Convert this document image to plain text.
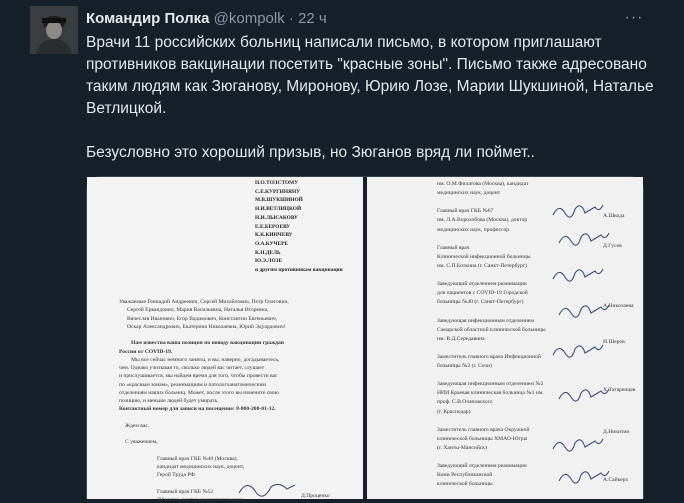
Командир Полка @kompolk · 22 ч	···

Врачи 11 российских больниц написали письмо, в котором приглашают противников вакцинации посетить "красные зоны". Письмо также адресовано таким людям как Зюганову, Миронову, Юрию Лозе, Марии Шукшиной, Наталье Ветлицкой.

Безусловно это хороший призыв, но Зюганов вряд ли поймет..

П.О.ТОЛСТОМУ
С.Е.КУРГИНЯНУ
М.В.ШУКШИНОЙ
Н.И.ВЕТЛИЦКОЙ
Н.И.ЛЫСАКОВУ
Е.Е.БЕРОЕВУ
К.К.КИНЧЕВУ
О.А.КУЧЕРЕ
К.Н.ДЕЛЬ
Ю.Э.ЛОЗЕ
и другим противникам вакцинации
Уважаемые Геннадий Андреевич, Сергей Михайлович, Петр Олегович,
Сергей Ервандович, Мария Васильевна, Наталья Игоревна,
Вячеслав Иванович, Егор Вадимович, Константин Евгеньевич,
Оскар Александрович, Екатерина Николаевна, Юрий Эдуардович!
Нам известна ваша позиция по поводу вакцинации граждан
России от COVID-19.
Мы все сейчас немного заняты, и вы, наверно, догадываетесь,
чем. Однако учитывая то, сколько людей вас читает, слушает
и прислушивается, мы найдем время для того, чтобы провести вас
по «красным зонам», реанимациям и патологоанатомическим
отделениям наших больниц. Может, после этого вы измените свою
позицию, и меньше людей будет умирать.
Контактный номер для записи на посещение: 8-800-200-01-12.
Ждем вас.
С уважением,
Главный врач ГКБ №40 (Москва),
кандидат медицинских наук, доцент,
Герой Труда РФ
Главный врач ГКБ №52
(Москва), доктор медицинских наук,
Д.Проценко
им. О.М.Филатова (Москва), кандидат
медицинских наук, доцент
Главный врач ГКБ №67
им. Л.А.Ворохобова (Москва), доктор
медицинских наук, профессор
Главный врач
Клинической инфекционной больницы
им. С.П.Боткина (г. Санкт-Петербург)
Заведующий отделением реанимации
для пациентов с COVID-19 Городской
больницы №40 (г. Санкт-Петербург)
Заведующая инфекционным отделением
Самарской областной клинической больницы
им. В.Д.Середавина
Заместитель главного врача Инфекционной
больницы №2 (г. Сочи)
Заведующая инфекционным отделением №2
НИИ Краевая клиническая больница №1 им.
проф. С.В.Очаповского
(г. Краснодар)
Заместитель главного врача Окружной
клинической больницы ХМАО-Югры
(г. Ханты-Мансийск)
Заведующий отделением реанимации
Коми Республиканской
клинической больницы
А.Шкода
Д.Гусев
А.Николаева
И.Шеров
Х.Татаренцев
Д.Никитин
А.Сайкерх
